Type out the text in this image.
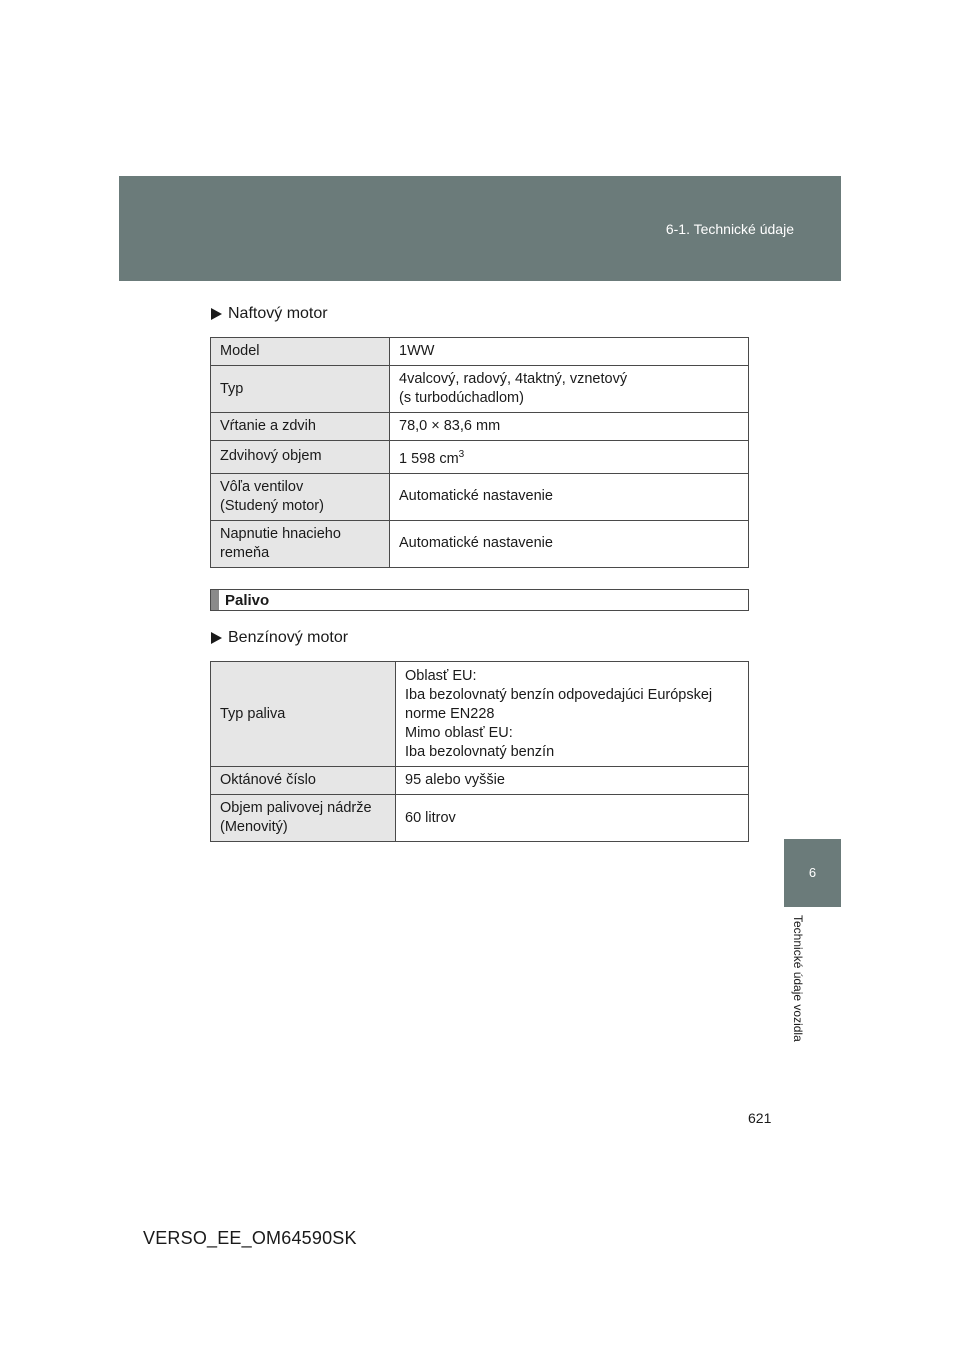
6-1. Technické údaje
Naftový motor
Model	1WW
Typ	4valcový, radový, 4taktný, vznetový
(s turbodúchadlom)

Vŕtanie a zdvih	78,0 × 83,6 mm
Zdvihový objem	1 598 $cm^3$

Vôľa ventilov
(Studený motor)	Automatické nastavenie

Napnutie hnacieho
remeňa	Automatické nastavenie
Palivo
Benzínový motor
Typ paliva	Oblasť EU:
Iba bezolovnatý benzín odpovedajúci Európskej
norme EN228
Mimo oblasť EU:
Iba bezolovnatý benzín

Oktánové číslo	95 alebo vyššie

Objem palivovej nádrže
(Menovitý)	60 litrov
6
Technické údaje vozidla
621
VERSO_EE_OM64590SK
